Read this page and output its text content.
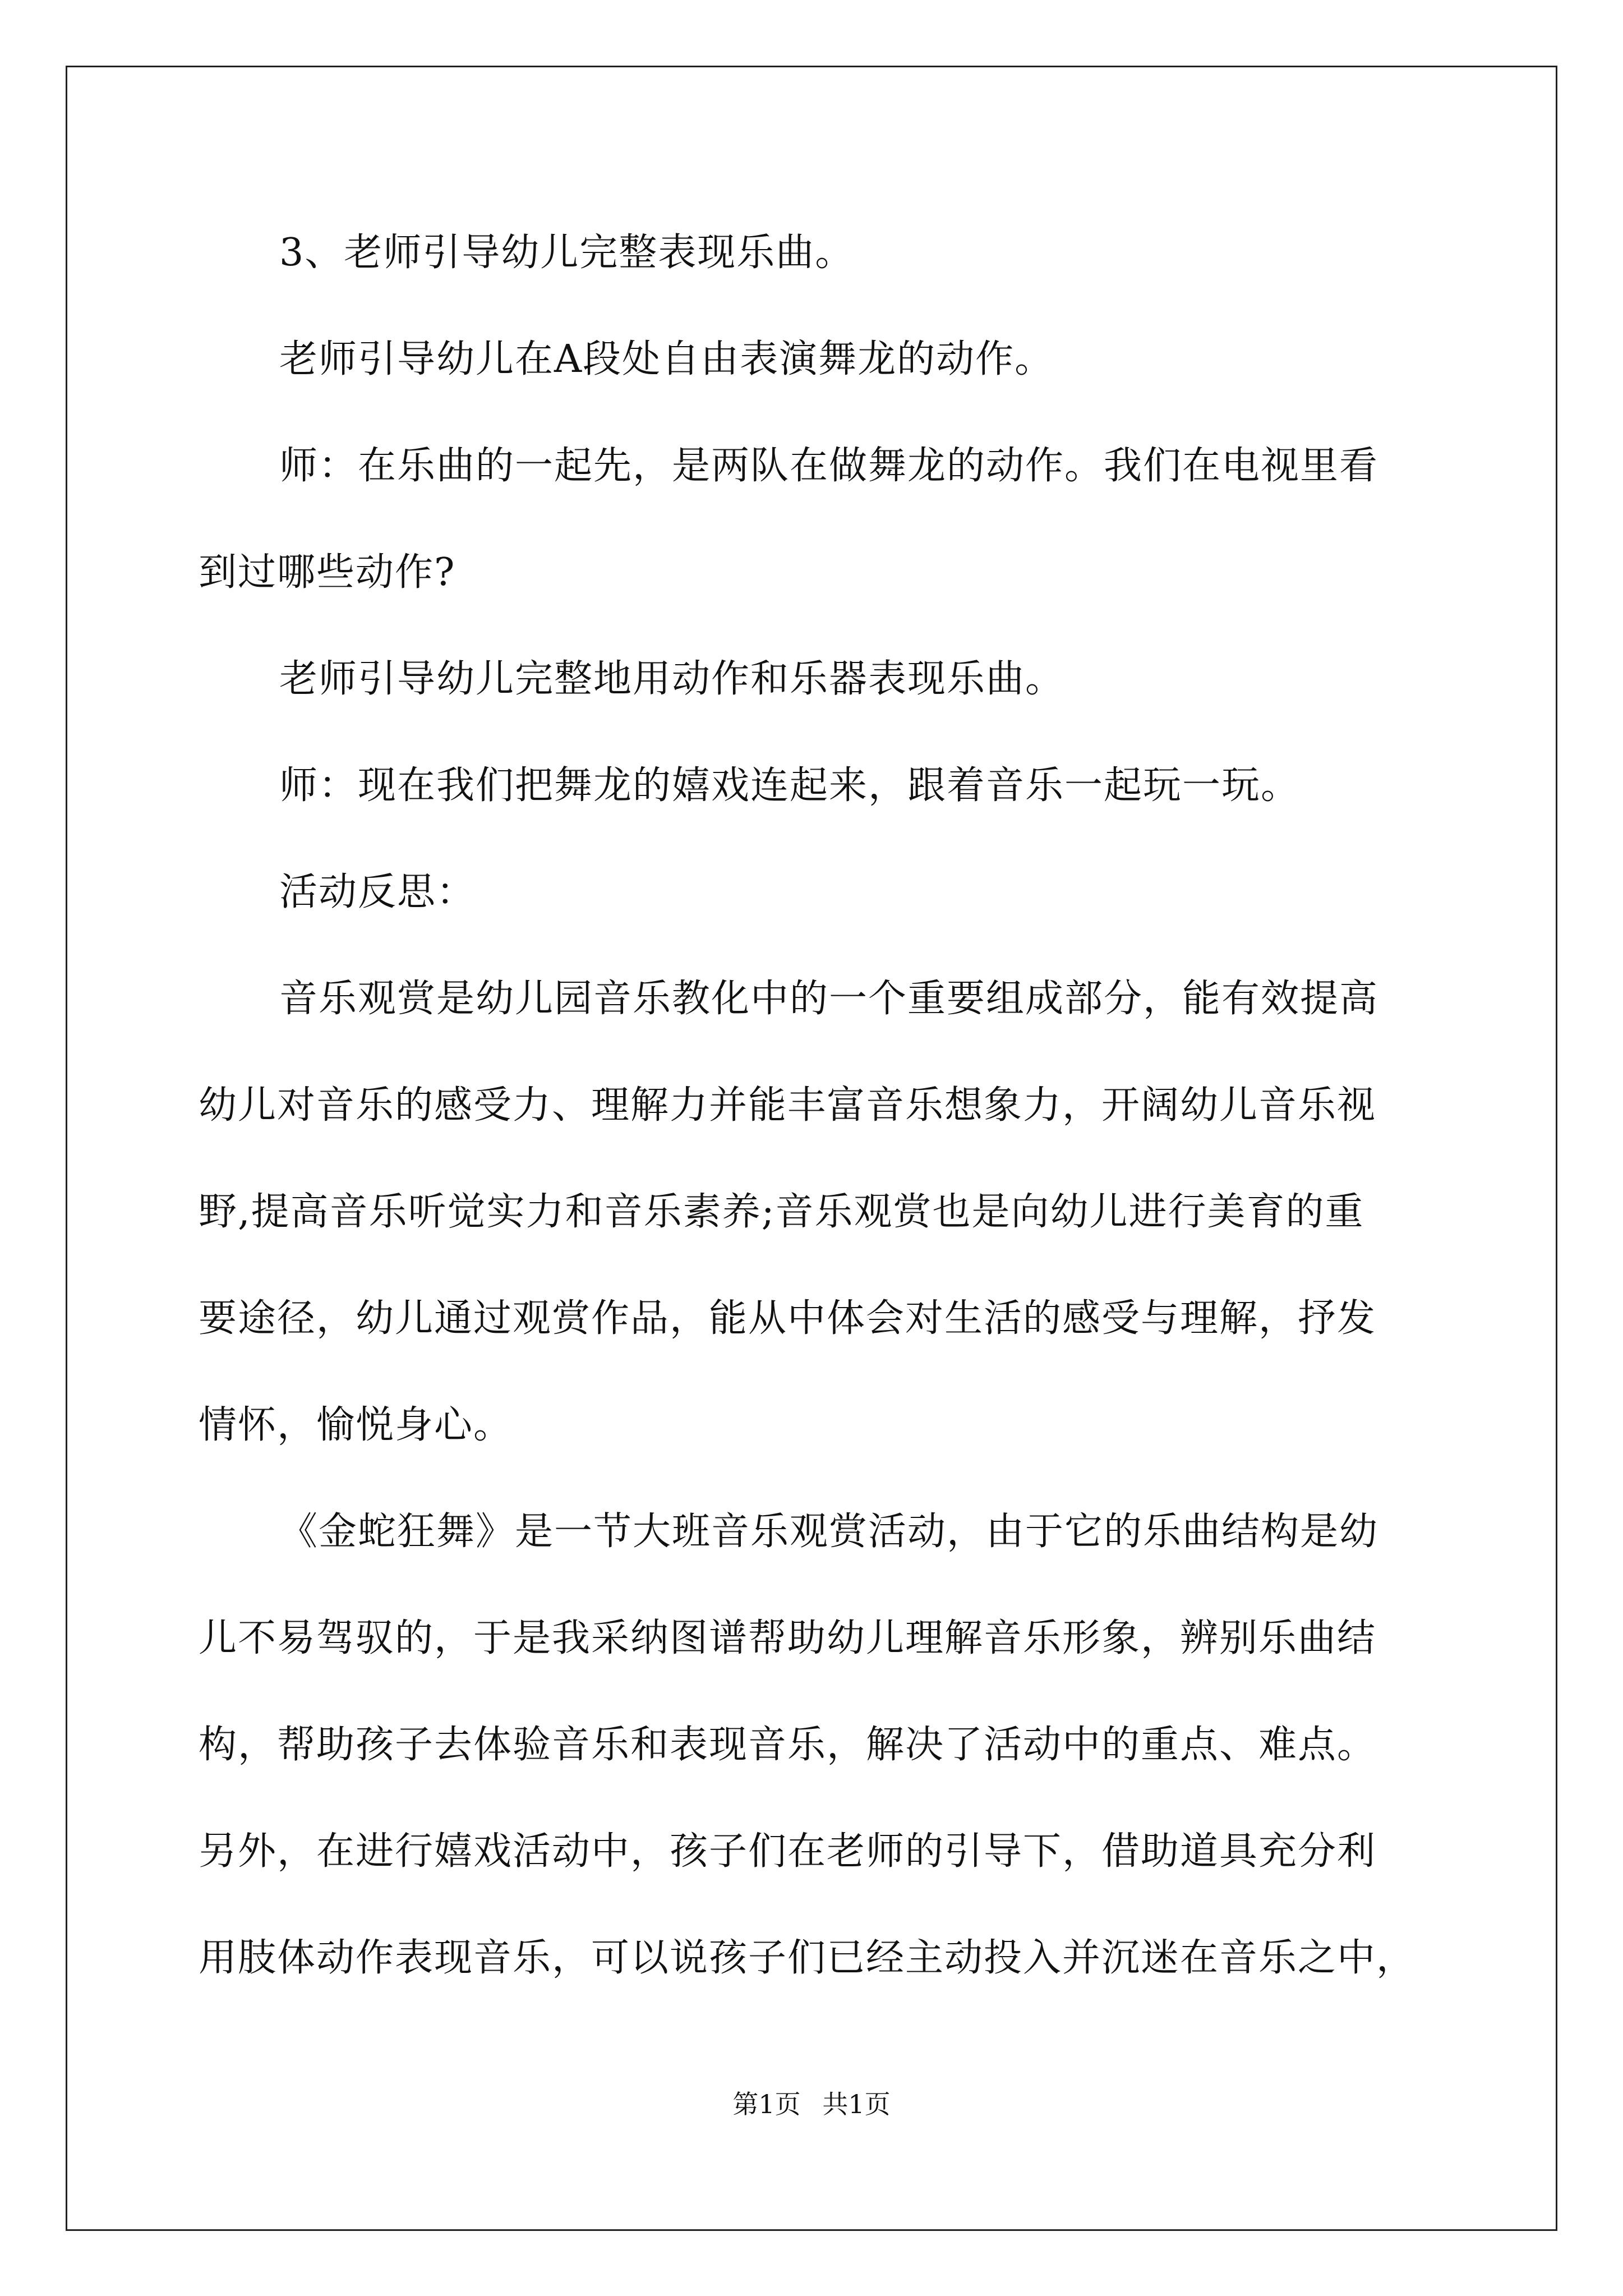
3、老师引导幼儿完整表现乐曲。
老师引导幼儿在A段处自由表演舞龙的动作。
师：在乐曲的一起先，是两队在做舞龙的动作。我们在电视里看
到过哪些动作?
老师引导幼儿完整地用动作和乐器表现乐曲。
师：现在我们把舞龙的嬉戏连起来，跟着音乐一起玩一玩。
活动反思：
音乐观赏是幼儿园音乐教化中的一个重要组成部分，能有效提高
幼儿对音乐的感受力、理解力并能丰富音乐想象力，开阔幼儿音乐视
野,提高音乐听觉实力和音乐素养;音乐观赏也是向幼儿进行美育的重
要途径，幼儿通过观赏作品，能从中体会对生活的感受与理解，抒发
情怀，愉悦身心。
《金蛇狂舞》是一节大班音乐观赏活动，由于它的乐曲结构是幼
儿不易驾驭的，于是我采纳图谱帮助幼儿理解音乐形象，辨别乐曲结
构，帮助孩子去体验音乐和表现音乐，解决了活动中的重点、难点。
另外，在进行嬉戏活动中，孩子们在老师的引导下，借助道具充分利
用肢体动作表现音乐，可以说孩子们已经主动投入并沉迷在音乐之中，
第1页 共1页
